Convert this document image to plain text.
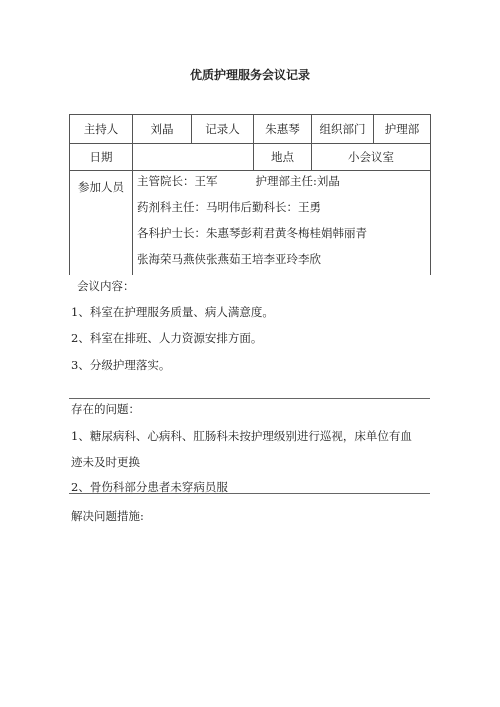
优质护理服务会议记录
主持人	刘晶	记录人	朱惠琴	组织部门	护理部
日期			地点	小会议室	
参加人员	主管院长：王军 护理部主任:刘晶
药剂科主任：马明伟后勤科长：王勇
各科护士长：朱惠琴彭莉君黄冬梅桂娟韩丽青
张海荣马燕侠张燕茹王培李亚玲李欣				
会议内容：
1、科室在护理服务质量、病人满意度。
2、科室在排班、人力资源安排方面。
3、分级护理落实。
存在的问题：
1、糖尿病科、心病科、肛肠科未按护理级别进行巡视，床单位有血
迹未及时更换
2、骨伤科部分患者未穿病员服
解决问题措施:
